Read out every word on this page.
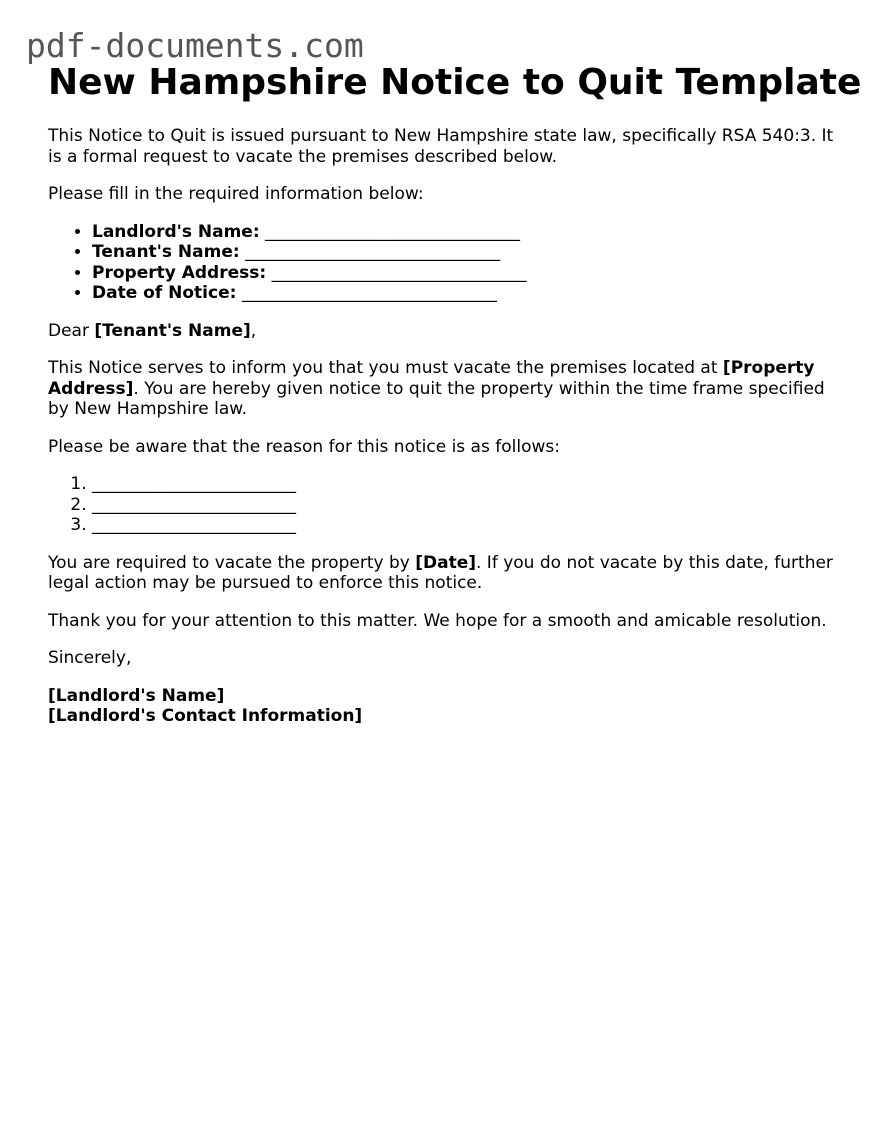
pdf-documents.com
New Hampshire Notice to Quit Template

This Notice to Quit is issued pursuant to New Hampshire state law, specifically RSA 540:3. It is a formal request to vacate the premises described below.

Please fill in the required information below:

• Landlord's Name: ______________________________
• Tenant's Name: ______________________________
• Property Address: ______________________________
• Date of Notice: ______________________________

Dear [Tenant's Name],

This Notice serves to inform you that you must vacate the premises located at [Property Address]. You are hereby given notice to quit the property within the time frame specified by New Hampshire law.

Please be aware that the reason for this notice is as follows:

1. ________________________
2. ________________________
3. ________________________

You are required to vacate the property by [Date]. If you do not vacate by this date, further legal action may be pursued to enforce this notice.

Thank you for your attention to this matter. We hope for a smooth and amicable resolution.

Sincerely,

[Landlord's Name]
[Landlord's Contact Information]
